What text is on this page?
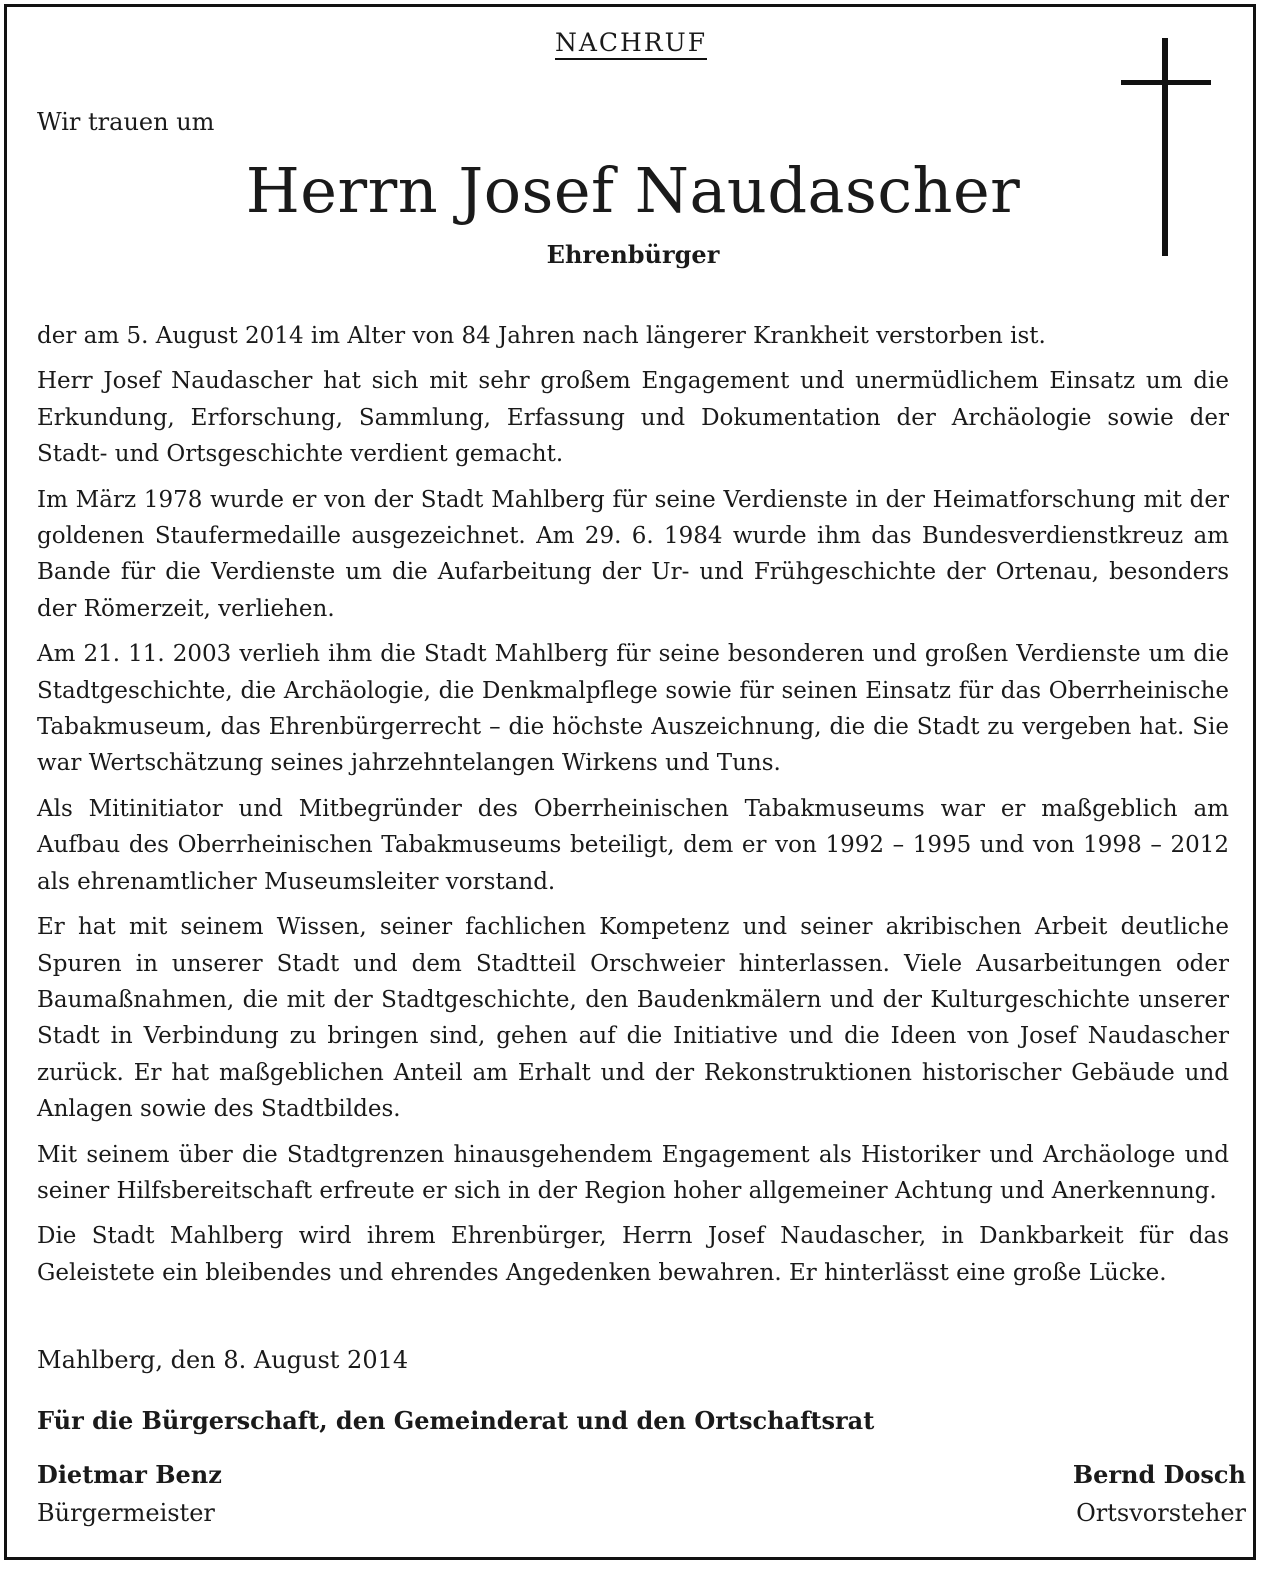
NACHRUF
Wir trauen um
Herrn Josef Naudascher
Ehrenbürger

der am 5. August 2014 im Alter von 84 Jahren nach längerer Krankheit verstorben ist.

Herr Josef Naudascher hat sich mit sehr großem Engagement und unermüdlichem Einsatz um die Erkundung, Erforschung, Sammlung, Erfassung und Dokumentation der Archäologie sowie der Stadt- und Ortsgeschichte verdient gemacht.

Im März 1978 wurde er von der Stadt Mahlberg für seine Verdienste in der Heimatforschung mit der goldenen Staufermedaille ausgezeichnet. Am 29. 6. 1984 wurde ihm das Bundesverdienstkreuz am Bande für die Verdienste um die Aufarbeitung der Ur- und Frühgeschichte der Ortenau, besonders der Römerzeit, verliehen.

Am 21. 11. 2003 verlieh ihm die Stadt Mahlberg für seine besonderen und großen Verdienste um die Stadtgeschichte, die Archäologie, die Denkmalpflege sowie für seinen Einsatz für das Oberrheinische Tabakmuseum, das Ehrenbürgerrecht – die höchste Auszeichnung, die die Stadt zu vergeben hat. Sie war Wertschätzung seines jahrzehntelangen Wirkens und Tuns.

Als Mitinitiator und Mitbegründer des Oberrheinischen Tabakmuseums war er maßgeblich am Aufbau des Oberrheinischen Tabakmuseums beteiligt, dem er von 1992 – 1995 und von 1998 – 2012 als ehrenamtlicher Museumsleiter vorstand.

Er hat mit seinem Wissen, seiner fachlichen Kompetenz und seiner akribischen Arbeit deutliche Spuren in unserer Stadt und dem Stadtteil Orschweier hinterlassen. Viele Ausarbeitungen oder Baumaßnahmen, die mit der Stadtgeschichte, den Baudenkmälern und der Kulturgeschichte unserer Stadt in Verbindung zu bringen sind, gehen auf die Initiative und die Ideen von Josef Naudascher zurück. Er hat maßgeblichen Anteil am Erhalt und der Rekonstruktionen historischer Gebäude und Anlagen sowie des Stadtbildes.

Mit seinem über die Stadtgrenzen hinausgehendem Engagement als Historiker und Archäologe und seiner Hilfsbereitschaft erfreute er sich in der Region hoher allgemeiner Achtung und Anerkennung.

Die Stadt Mahlberg wird ihrem Ehrenbürger, Herrn Josef Naudascher, in Dankbarkeit für das Geleistete ein bleibendes und ehrendes Angedenken bewahren. Er hinterlässt eine große Lücke.

Mahlberg, den 8. August 2014
Für die Bürgerschaft, den Gemeinderat und den Ortschaftsrat
Dietmar Benz
Bürgermeister
Bernd Dosch
Ortsvorsteher
